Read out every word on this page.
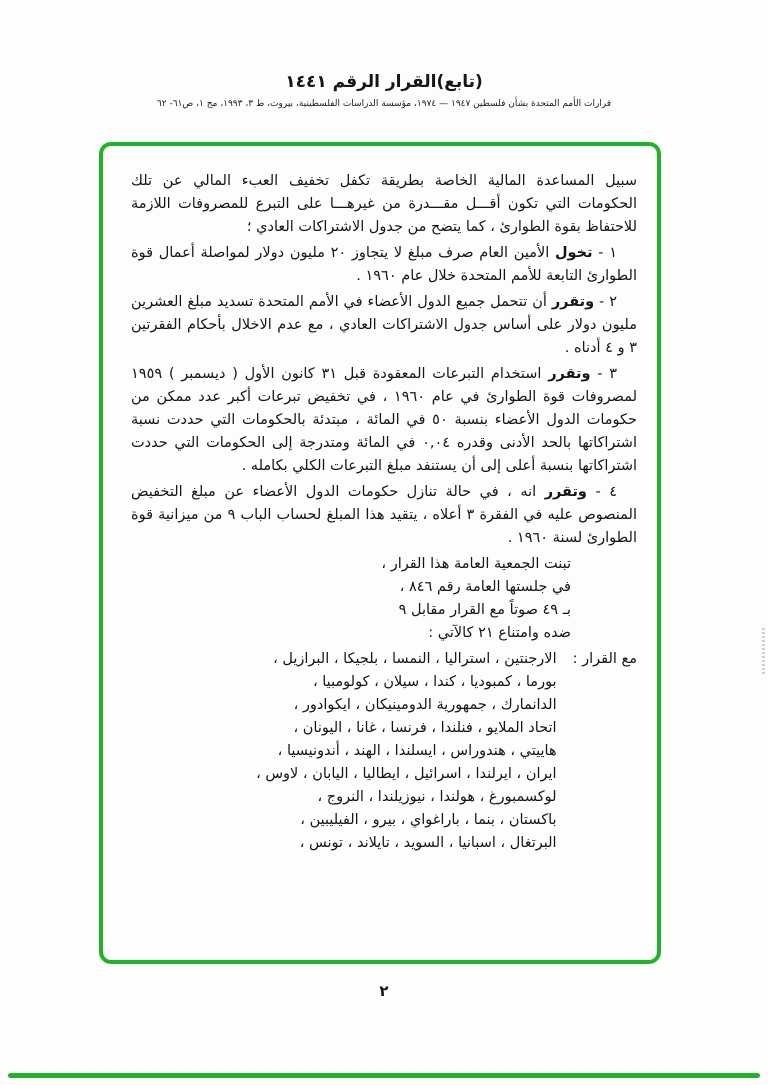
(تابع)القرار الرقم ١٤٤١
قرارات الأمم المتحدة بشأن فلسطين ١٩٤٧ — ١٩٧٤، مؤسسة الدراسات الفلسطينية، بيروت، ط ٣، ١٩٩٣، مج ١، ص٦١- ٦٢

سبيل المساعدة المالية الخاصة بطريقة تكفل تخفيف العبء المالي عن تلك الحكومات التي تكون أقـــل مقـــدرة من غيرهـــا على التبرع للمصروفات اللازمة للاحتفاظ بقوة الطوارئ ، كما يتضح من جدول الاشتراكات العادي ؛

١ - تخول الأمين العام صرف مبلغ لا يتجاوز ٢٠ مليون دولار لمواصلة أعمال قوة الطوارئ التابعة للأمم المتحدة خلال عام ١٩٦٠ .

٢ - وتقرر أن تتحمل جميع الدول الأعضاء في الأمم المتحدة تسديد مبلغ العشرين مليون دولار على أساس جدول الاشتراكات العادي ، مع عدم الاخلال بأحكام الفقرتين ٣ و ٤ أدناه .

٣ - وتقرر استخدام التبرعات المعقودة قبل ٣١ كانون الأول ( ديسمبر ) ١٩٥٩ لمصروفات قوة الطوارئ في عام ١٩٦٠ ، في تخفيض تبرعات أكبر عدد ممكن من حكومات الدول الأعضاء بنسبة ٥٠ في المائة ، مبتدئة بالحكومات التي حددت نسبة اشتراكاتها بالحد الأدنى وقدره ٠,٠٤ في المائة ومتدرجة إلى الحكومات التي حددت اشتراكاتها بنسبة أعلى إلى أن يستنفد مبلغ التبرعات الكلي بكامله .

٤ - وتقرر انه ، في حالة تنازل حكومات الدول الأعضاء عن مبلغ التخفيض المنصوص عليه في الفقرة ٣ أعلاه ، يتقيد هذا المبلغ لحساب الباب ٩ من ميزانية قوة الطوارئ لسنة ١٩٦٠ .

تبنت الجمعية العامة هذا القرار ،
في جلستها العامة رقم ٨٤٦ ،
بـ ٤٩ صوتاً مع القرار مقابل ٩
ضده وامتناع ٢١ كالآتي :
مع القرار :
الارجنتين ، استراليا ، النمسا ، بلجيكا ، البرازيل ،
بورما ، كمبوديا ، كندا ، سيلان ، كولومبيا ،
الدانمارك ، جمهورية الدومينيكان ، ايكوادور ،
اتحاد الملايو ، فنلندا ، فرنسا ، غانا ، اليونان ،
هاييتي ، هندوراس ، ايسلندا ، الهند ، أندونيسيا ،
ايران ، ايرلندا ، اسرائيل ، ايطاليا ، اليابان ، لاوس ،
لوكسمبورغ ، هولندا ، نيوزيلندا ، النروج ،
باكستان ، بنما ، باراغواي ، بيرو ، الفيليبين ،
البرتغال ، اسبانيا ، السويد ، تايلاند ، تونس ،
٢
